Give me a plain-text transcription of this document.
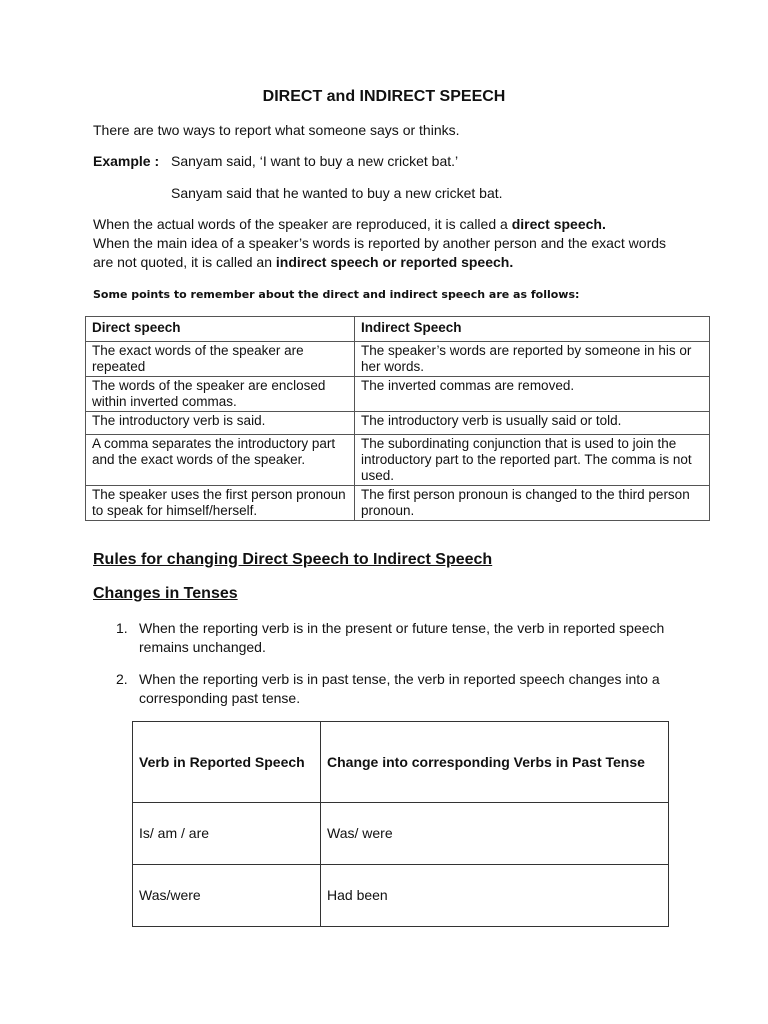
DIRECT and INDIRECT SPEECH
There are two ways to report what someone says or thinks.
Example : Sanyam said, ‘I want to buy a new cricket bat.’
Sanyam said that he wanted to buy a new cricket bat.
When the actual words of the speaker are reproduced, it is called a direct speech.
When the main idea of a speaker’s words is reported by another person and the exact words are not quoted, it is called an indirect speech or reported speech.
Some points to remember about the direct and indirect speech are as follows:
Direct speech	Indirect Speech
The exact words of the speaker are repeated	The speaker’s words are reported by someone in his or her words.
The words of the speaker are enclosed within inverted commas.	The inverted commas are removed.
The introductory verb is said.	The introductory verb is usually said or told.
A comma separates the introductory part and the exact words of the speaker.	The subordinating conjunction that is used to join the introductory part to the reported part. The comma is not used.
The speaker uses the first person pronoun to speak for himself/herself.	The first person pronoun is changed to the third person pronoun.
Rules for changing Direct Speech to Indirect Speech
Changes in Tenses
1. When the reporting verb is in the present or future tense, the verb in reported speech remains unchanged.
2. When the reporting verb is in past tense, the verb in reported speech changes into a corresponding past tense.
Verb in Reported Speech	Change into corresponding Verbs in Past Tense
Is/ am / are	Was/ were
Was/were	Had been
